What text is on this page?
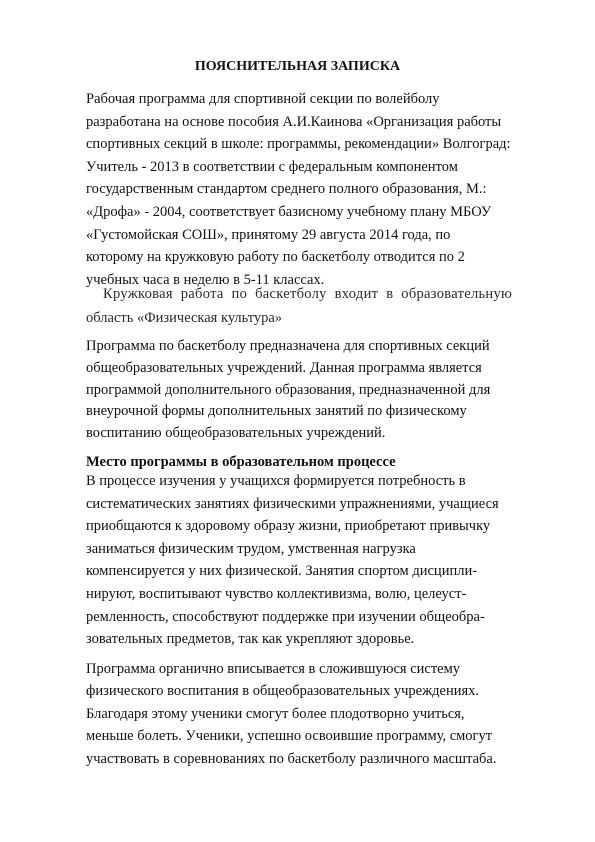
ПОЯСНИТЕЛЬНАЯ ЗАПИСКА
Рабочая программа для спортивной секции по волейболу
разработана на основе пособия А.И.Каинова «Организация работы
спортивных секций в школе: программы, рекомендации» Волгоград:
Учитель - 2013 в соответствии с федеральным компонентом
государственным стандартом среднего полного образования, М.:
«Дрофа» - 2004, соответствует базисному учебному плану МБОУ
«Густомойская СОШ», принятому 29 августа 2014 года, по
которому на кружковую работу по баскетболу отводится по 2
учебных часа в неделю в 5-11 классах.
Кружковая работа по баскетболу входит в образовательную
область «Физическая культура»
Программа по баскетболу предназначена для спортивных секций
общеобразовательных учреждений. Данная программа является
программой дополнительного образования, предназначенной для
внеурочной формы дополнительных занятий по физическому
воспитанию общеобразовательных учреждений.
Место программы в образовательном процессе
В процессе изучения у учащихся формируется потребность в
систематических занятиях физическими упражнениями, учащиеся
приобщаются к здоровому образу жизни, приобретают привычку
заниматься физическим трудом, умственная нагрузка
компенсируется у них физической. Занятия спортом дисципли-
нируют, воспитывают чувство коллективизма, волю, целеуст-
ремленность, способствуют поддержке при изучении общеобра-
зовательных предметов, так как укрепляют здоровье.
Программа органично вписывается в сложившуюся систему
физического воспитания в общеобразовательных учреждениях.
Благодаря этому ученики смогут более плодотворно учиться,
меньше болеть. Ученики, успешно освоившие программу, смогут
участвовать в соревнованиях по баскетболу различного масштаба.
